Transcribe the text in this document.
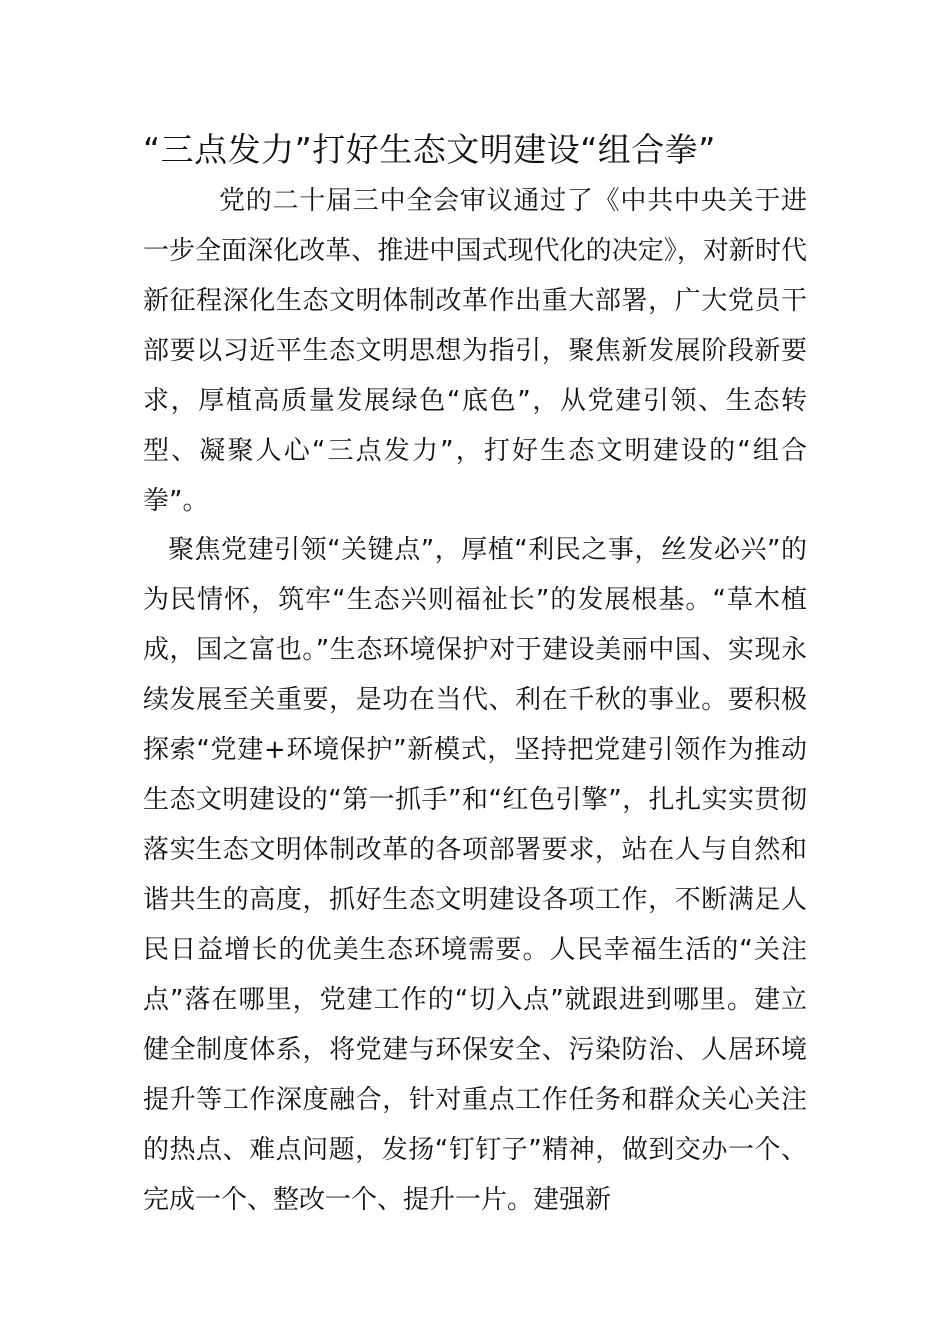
“三点发力”打好生态文明建设“组合拳”

党的二十届三中全会审议通过了《中共中央关于进一步全面深化改革、推进中国式现代化的决定》，对新时代新征程深化生态文明体制改革作出重大部署，广大党员干部要以习近平生态文明思想为指引，聚焦新发展阶段新要求，厚植高质量发展绿色“底色”，从党建引领、生态转型、凝聚人心“三点发力”，打好生态文明建设的“组合拳”。

聚焦党建引领“关键点”，厚植“利民之事，丝发必兴”的为民情怀，筑牢“生态兴则福祉长”的发展根基。“草木植成，国之富也。”生态环境保护对于建设美丽中国、实现永续发展至关重要，是功在当代、利在千秋的事业。要积极探索“党建+环境保护”新模式，坚持把党建引领作为推动生态文明建设的“第一抓手”和“红色引擎”，扎扎实实贯彻落实生态文明体制改革的各项部署要求，站在人与自然和谐共生的高度，抓好生态文明建设各项工作，不断满足人民日益增长的优美生态环境需要。人民幸福生活的“关注点”落在哪里，党建工作的“切入点”就跟进到哪里。建立健全制度体系，将党建与环保安全、污染防治、人居环境提升等工作深度融合，针对重点工作任务和群众关心关注的热点、难点问题，发扬“钉钉子”精神，做到交办一个、完成一个、整改一个、提升一片。建强新
